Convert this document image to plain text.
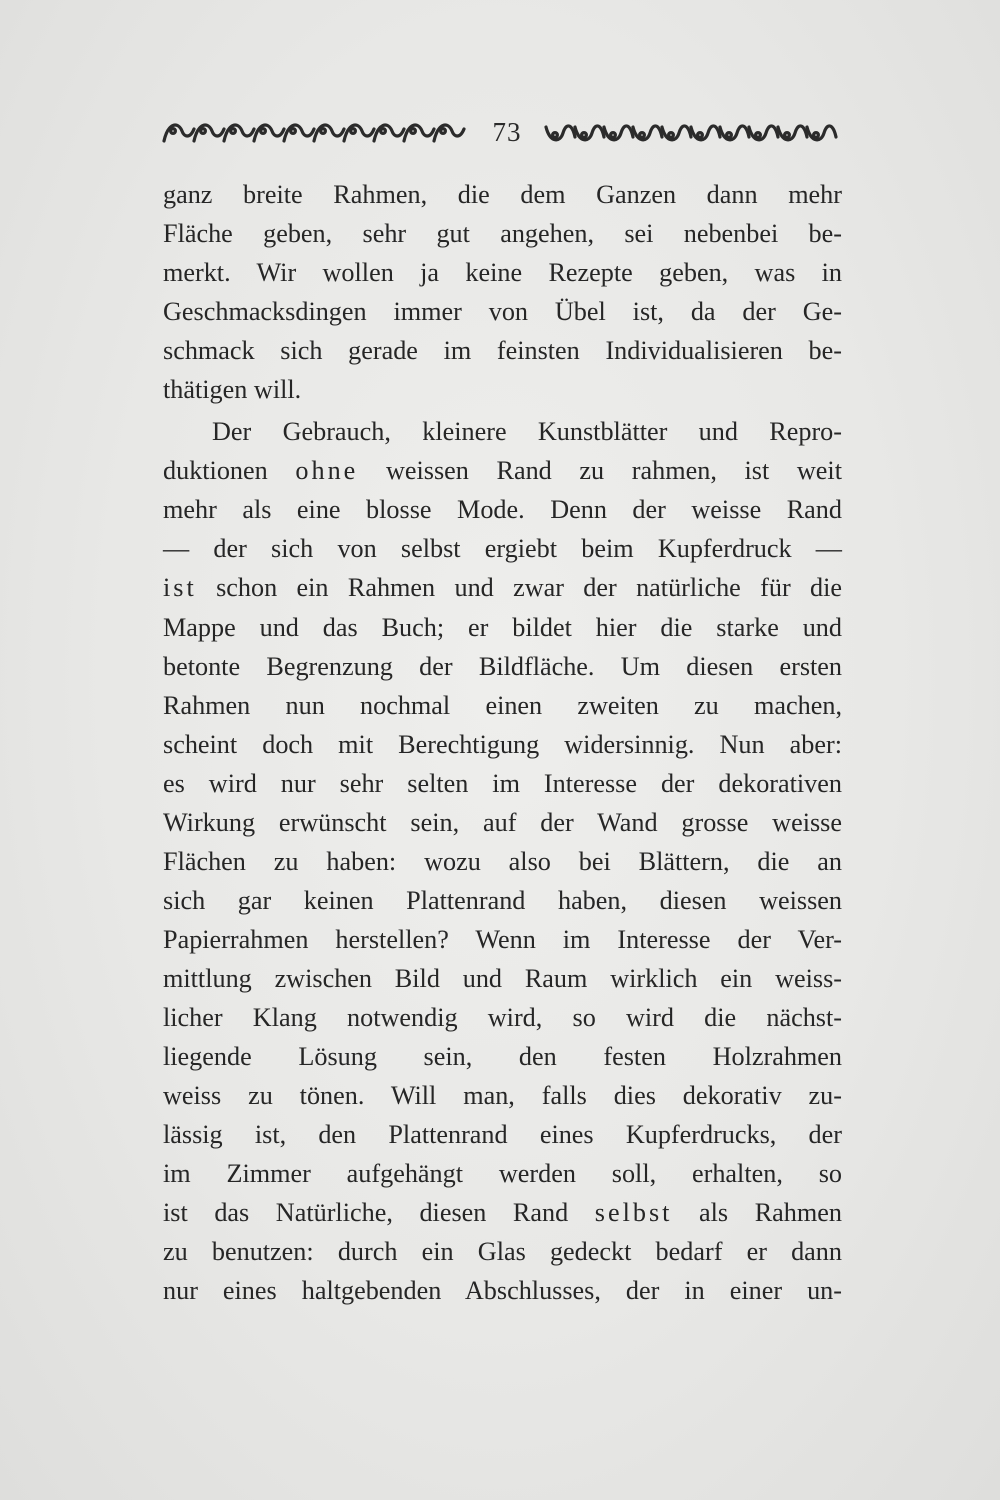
73
ganz breite Rahmen, die dem Ganzen dann mehr
Fläche geben, sehr gut angehen, sei nebenbei be-
merkt. Wir wollen ja keine Rezepte geben, was in
Geschmacksdingen immer von Übel ist, da der Ge-
schmack sich gerade im feinsten Individualisieren be-
thätigen will.
Der Gebrauch, kleinere Kunstblätter und Repro-
duktionen ohne weissen Rand zu rahmen, ist weit
mehr als eine blosse Mode. Denn der weisse Rand
— der sich von selbst ergiebt beim Kupferdruck —
ist schon ein Rahmen und zwar der natürliche für die
Mappe und das Buch; er bildet hier die starke und
betonte Begrenzung der Bildfläche. Um diesen ersten
Rahmen nun nochmal einen zweiten zu machen,
scheint doch mit Berechtigung widersinnig. Nun aber:
es wird nur sehr selten im Interesse der dekorativen
Wirkung erwünscht sein, auf der Wand grosse weisse
Flächen zu haben: wozu also bei Blättern, die an
sich gar keinen Plattenrand haben, diesen weissen
Papierrahmen herstellen? Wenn im Interesse der Ver-
mittlung zwischen Bild und Raum wirklich ein weiss-
licher Klang notwendig wird, so wird die nächst-
liegende Lösung sein, den festen Holzrahmen
weiss zu tönen. Will man, falls dies dekorativ zu-
lässig ist, den Plattenrand eines Kupferdrucks, der
im Zimmer aufgehängt werden soll, erhalten, so
ist das Natürliche, diesen Rand selbst als Rahmen
zu benutzen: durch ein Glas gedeckt bedarf er dann
nur eines haltgebenden Abschlusses, der in einer un-
